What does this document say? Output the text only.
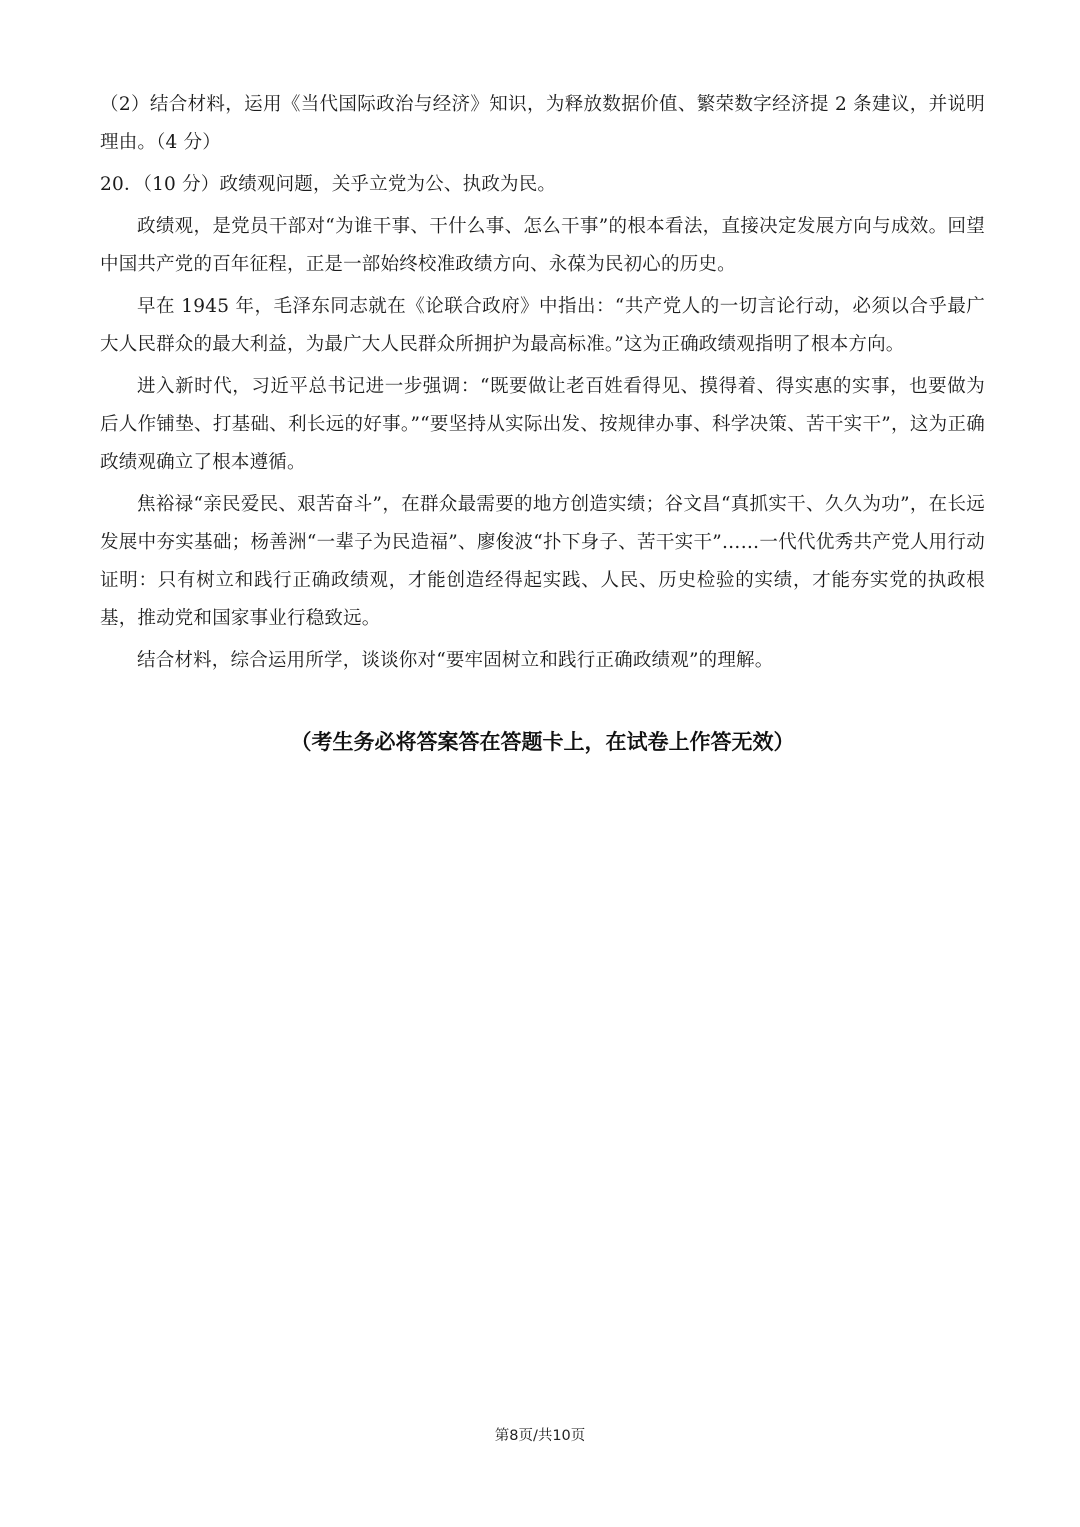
（2）结合材料，运用《当代国际政治与经济》知识，为释放数据价值、繁荣数字经济提 2 条建议，并说明理由。（4 分）

20．（10 分）政绩观问题，关乎立党为公、执政为民。

政绩观，是党员干部对“为谁干事、干什么事、怎么干事”的根本看法，直接决定发展方向与成效。回望中国共产党的百年征程，正是一部始终校准政绩方向、永葆为民初心的历史。

早在 1945 年，毛泽东同志就在《论联合政府》中指出：“共产党人的一切言论行动，必须以合乎最广大人民群众的最大利益，为最广大人民群众所拥护为最高标准。”这为正确政绩观指明了根本方向。

进入新时代，习近平总书记进一步强调：“既要做让老百姓看得见、摸得着、得实惠的实事，也要做为后人作铺垫、打基础、利长远的好事。”“要坚持从实际出发、按规律办事、科学决策、苦干实干”，这为正确政绩观确立了根本遵循。

焦裕禄“亲民爱民、艰苦奋斗”，在群众最需要的地方创造实绩；谷文昌“真抓实干、久久为功”，在长远发展中夯实基础；杨善洲“一辈子为民造福”、廖俊波“扑下身子、苦干实干”……一代代优秀共产党人用行动证明：只有树立和践行正确政绩观，才能创造经得起实践、人民、历史检验的实绩，才能夯实党的执政根基，推动党和国家事业行稳致远。

结合材料，综合运用所学，谈谈你对“要牢固树立和践行正确政绩观”的理解。

（考生务必将答案答在答题卡上，在试卷上作答无效）
第8页/共10页
